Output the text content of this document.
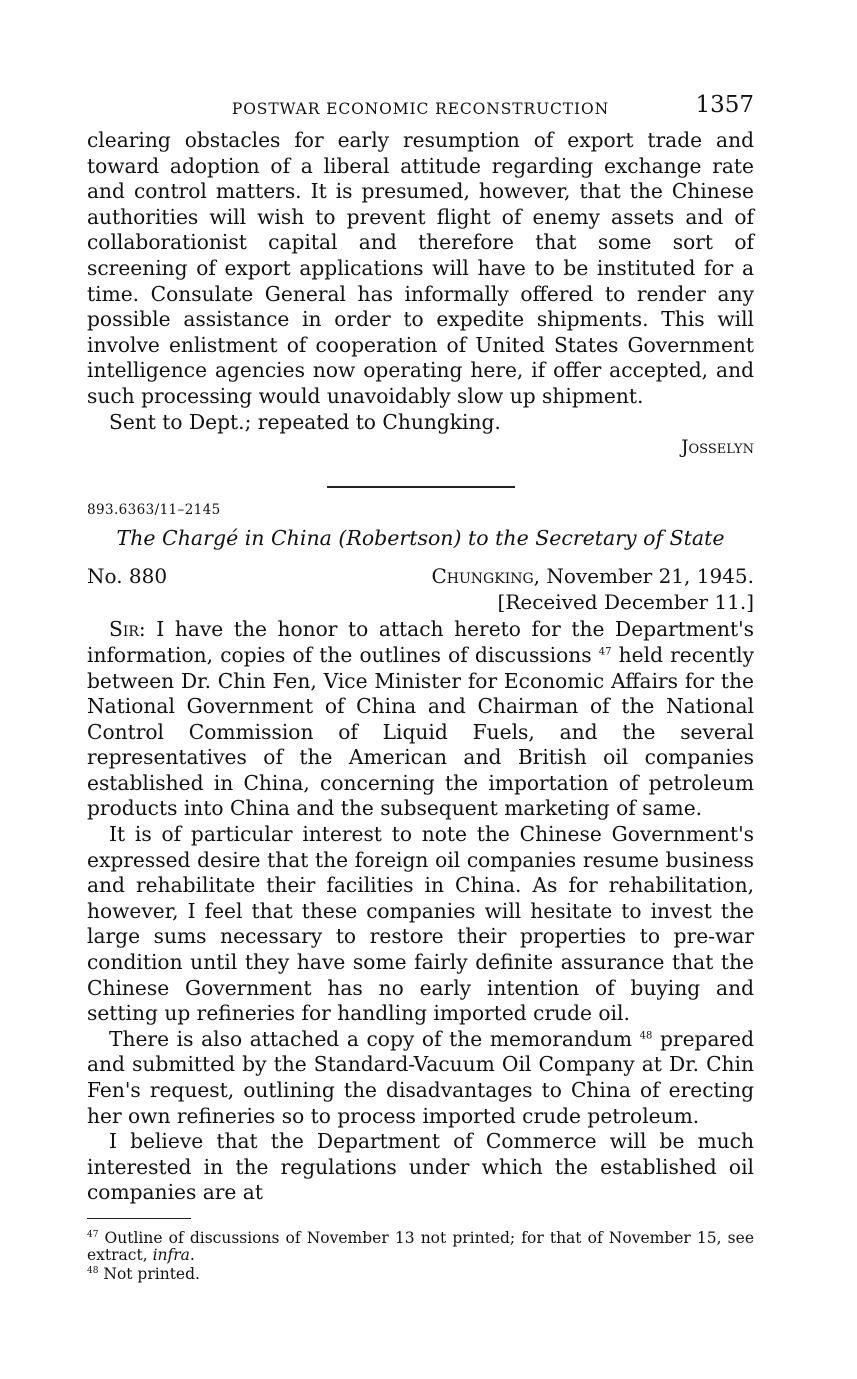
POSTWAR ECONOMIC RECONSTRUCTION	1357

clearing obstacles for early resumption of export trade and toward adoption of a liberal attitude regarding exchange rate and control matters. It is presumed, however, that the Chinese authorities will wish to prevent flight of enemy assets and of collaborationist capital and therefore that some sort of screening of export applications will have to be instituted for a time. Consulate General has informally offered to render any possible assistance in order to expedite shipments. This will involve enlistment of cooperation of United States Government intelligence agencies now operating here, if offer accepted, and such processing would unavoidably slow up shipment.

Sent to Dept.; repeated to Chungking.

Josselyn
893.6363/11–2145
The Chargé in China (Robertson) to the Secretary of State
No. 880	Chungking, November 21, 1945.
[Received December 11.]

Sir: I have the honor to attach hereto for the Department's information, copies of the outlines of discussions $^{47}$ held recently between Dr. Chin Fen, Vice Minister for Economic Affairs for the National Government of China and Chairman of the National Control Commission of Liquid Fuels, and the several representatives of the American and British oil companies established in China, concerning the importation of petroleum products into China and the subsequent marketing of same.

It is of particular interest to note the Chinese Government's expressed desire that the foreign oil companies resume business and rehabilitate their facilities in China. As for rehabilitation, however, I feel that these companies will hesitate to invest the large sums necessary to restore their properties to pre-war condition until they have some fairly definite assurance that the Chinese Government has no early intention of buying and setting up refineries for handling imported crude oil.

There is also attached a copy of the memorandum $^{48}$ prepared and submitted by the Standard-Vacuum Oil Company at Dr. Chin Fen's request, outlining the disadvantages to China of erecting her own refineries so to process imported crude petroleum.

I believe that the Department of Commerce will be much interested in the regulations under which the established oil companies are at

$^{47}$ Outline of discussions of November 13 not printed; for that of November 15, see extract, infra.
$^{48}$ Not printed.
